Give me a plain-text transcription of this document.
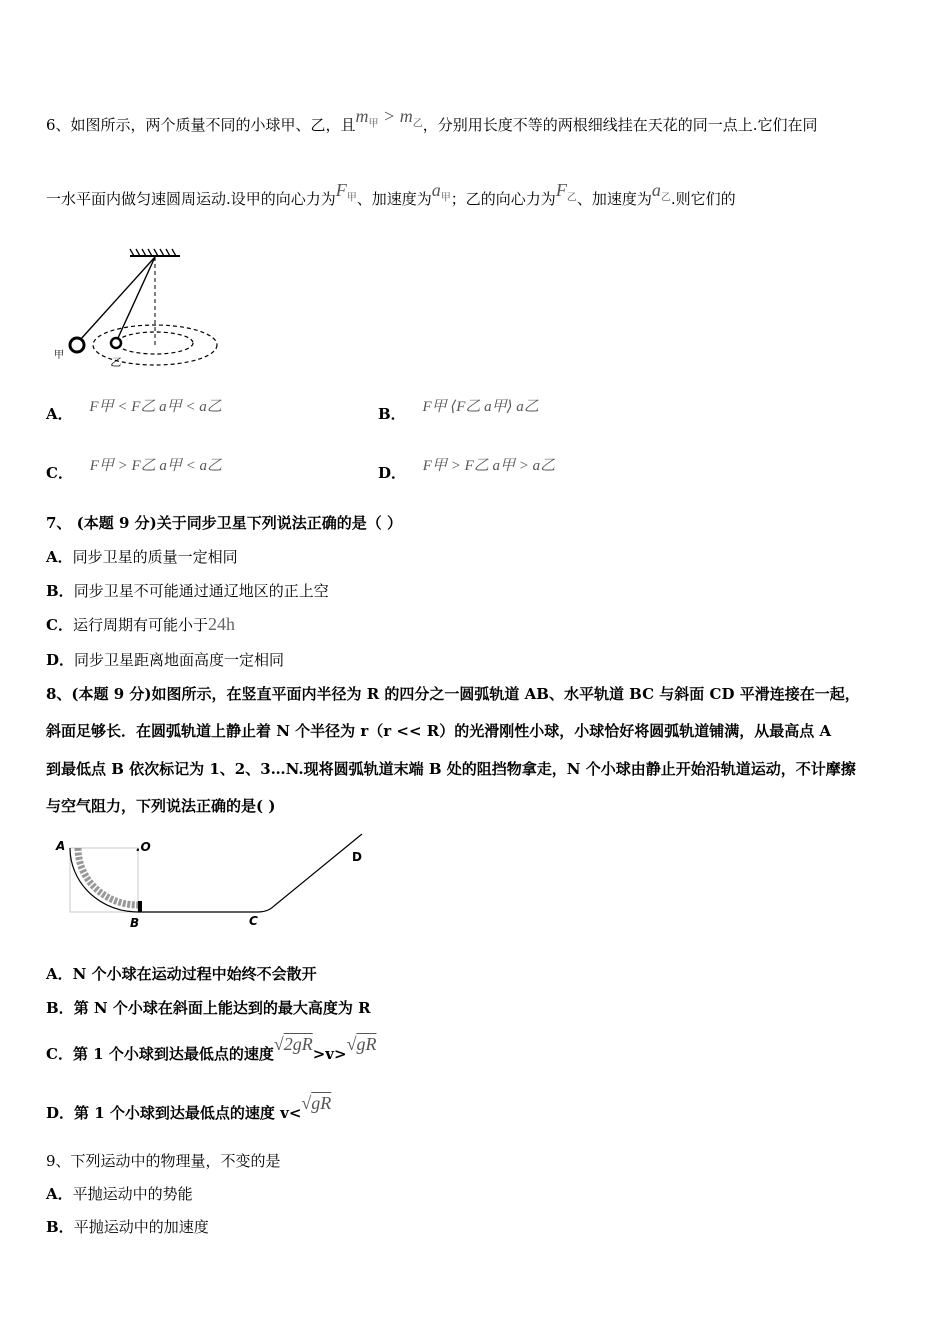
6、如图所示，两个质量不同的小球甲、乙，且$m_甲 > m_乙$，分别用长度不等的两根细线挂在天花的同一点上.它们在同
一水平面内做匀速圆周运动.设甲的向心力为$F_甲$、加速度为$a_甲$；乙的向心力为$F_乙$、加速度为$a_乙$.则它们的
甲
乙
A． F甲 < F乙 a甲 < a乙	B． F甲 ⟨F乙 a甲⟩ a乙
C． F甲 > F乙 a甲 < a乙	D． F甲 > F乙 a甲 > a乙
7、 (本题 9 分)关于同步卫星下列说法正确的是（ ）
A．同步卫星的质量一定相同
B．同步卫星不可能通过通辽地区的正上空
C．运行周期有可能小于24h
D．同步卫星距离地面高度一定相同
8、(本题 9 分)如图所示，在竖直平面内半径为 R 的四分之一圆弧轨道 AB、水平轨道 BC 与斜面 CD 平滑连接在一起，
斜面足够长．在圆弧轨道上静止着 N 个半径为 r（r << R）的光滑刚性小球，小球恰好将圆弧轨道铺满，从最高点 A
到最低点 B 依次标记为 1、2、3…N.现将圆弧轨道末端 B 处的阻挡物拿走，N 个小球由静止开始沿轨道运动，不计摩擦
与空气阻力，下列说法正确的是( )
A	.O
B	C
D
A．N 个小球在运动过程中始终不会散开
B．第 N 个小球在斜面上能达到的最大高度为 R
C．第 1 个小球到达最低点的速度√2gR>v>√gR
D．第 1 个小球到达最低点的速度 v<√gR
9、下列运动中的物理量，不变的是
A．平抛运动中的势能
B．平抛运动中的加速度
